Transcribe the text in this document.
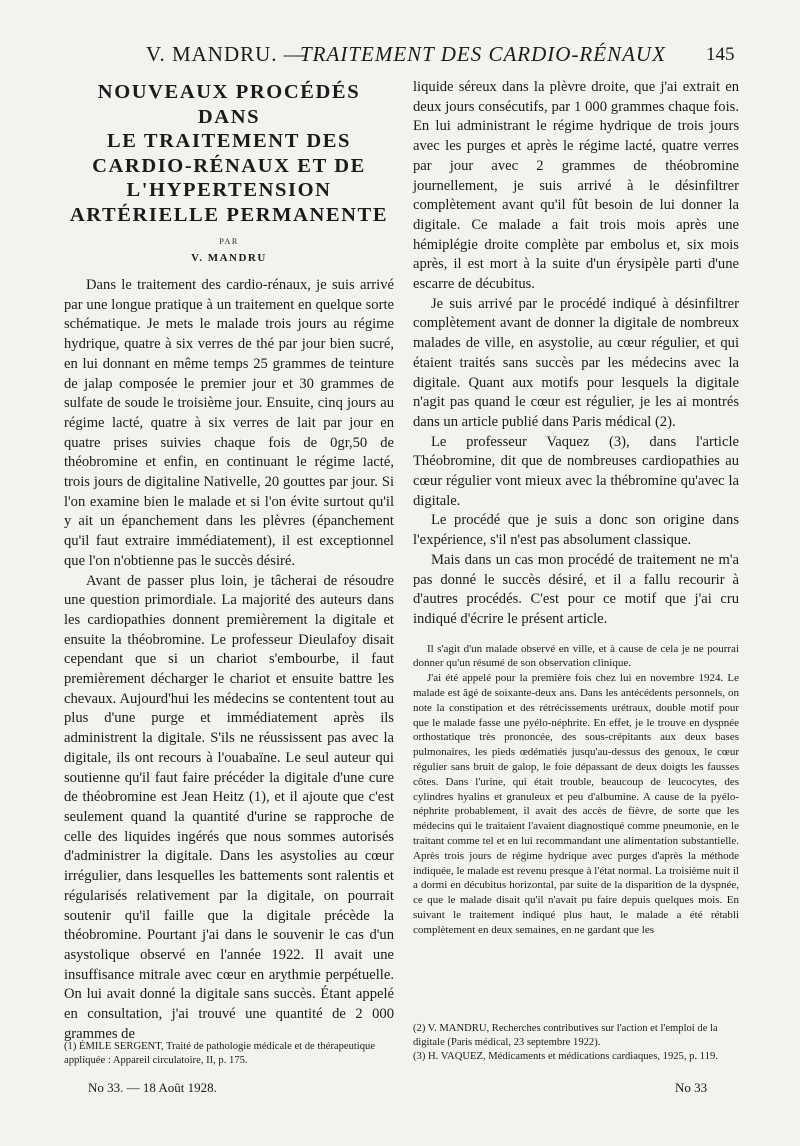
V. MANDRU. —
TRAITEMENT DES CARDIO-RÉNAUX 145
NOUVEAUX PROCÉDÉS DANS
LE TRAITEMENT DES
CARDIO-RÉNAUX ET DE
L'HYPERTENSION
ARTÉRIELLE PERMANENTE
PAR
V. MANDRU

Dans le traitement des cardio-rénaux, je suis arrivé par une longue pratique à un traitement en quelque sorte schématique. Je mets le malade trois jours au régime hydrique, quatre à six verres de thé par jour bien sucré, en lui donnant en même temps 25 grammes de teinture de jalap composée le premier jour et 30 grammes de sulfate de soude le troisième jour. Ensuite, cinq jours au régime lacté, quatre à six verres de lait par jour en quatre prises suivies chaque fois de 0gr,50 de théobromine et enfin, en continuant le régime lacté, trois jours de digitaline Nativelle, 20 gouttes par jour. Si l'on examine bien le malade et si l'on évite surtout qu'il y ait un épanchement dans les plèvres (épanchement qu'il faut extraire immédiatement), il est exceptionnel que l'on n'obtienne pas le succès désiré.

Avant de passer plus loin, je tâcherai de résoudre une question primordiale. La majorité des auteurs dans les cardiopathies donnent premièrement la digitale et ensuite la théobromine. Le professeur Dieulafoy disait cependant que si un chariot s'embourbe, il faut premièrement décharger le chariot et ensuite battre les chevaux. Aujourd'hui les médecins se contentent tout au plus d'une purge et immédiatement après ils administrent la digitale. S'ils ne réussissent pas avec la digitale, ils ont recours à l'ouabaïne. Le seul auteur qui soutienne qu'il faut faire précéder la digitale d'une cure de théobromine est Jean Heitz (1), et il ajoute que c'est seulement quand la quantité d'urine se rapproche de celle des liquides ingérés que nous sommes autorisés d'administrer la digitale. Dans les asystolies au cœur irrégulier, dans lesquelles les battements sont ralentis et régularisés relativement par la digitale, on pourrait soutenir qu'il faille que la digitale précède la théobromine. Pourtant j'ai dans le souvenir le cas d'un asystolique observé en l'année 1922. Il avait une insuffisance mitrale avec cœur en arythmie perpétuelle. On lui avait donné la digitale sans succès. Étant appelé en consultation, j'ai trouvé une quantité de 2 000 grammes de

liquide séreux dans la plèvre droite, que j'ai extrait en deux jours consécutifs, par 1 000 grammes chaque fois. En lui administrant le régime hydrique de trois jours avec les purges et après le régime lacté, quatre verres par jour avec 2 grammes de théobromine journellement, je suis arrivé à le désinfiltrer complètement avant qu'il fût besoin de lui donner la digitale. Ce malade a fait trois mois après une hémiplégie droite complète par embolus et, six mois après, il est mort à la suite d'un érysipèle parti d'une escarre de décubitus.

Je suis arrivé par le procédé indiqué à désinfiltrer complètement avant de donner la digitale de nombreux malades de ville, en asystolie, au cœur régulier, et qui étaient traités sans succès par les médecins avec la digitale. Quant aux motifs pour lesquels la digitale n'agit pas quand le cœur est régulier, je les ai montrés dans un article publié dans Paris médical (2).

Le professeur Vaquez (3), dans l'article Théobromine, dit que de nombreuses cardiopathies au cœur régulier vont mieux avec la thébromine qu'avec la digitale.

Le procédé que je suis a donc son origine dans l'expérience, s'il n'est pas absolument classique.

Mais dans un cas mon procédé de traitement ne m'a pas donné le succès désiré, et il a fallu recourir à d'autres procédés. C'est pour ce motif que j'ai cru indiqué d'écrire le présent article.

Il s'agit d'un malade observé en ville, et à cause de cela je ne pourrai donner qu'un résumé de son observation clinique.

J'ai été appelé pour la première fois chez lui en novembre 1924. Le malade est âgé de soixante-deux ans. Dans les antécédents personnels, on note la constipation et des rétrécissements urétraux, double motif pour que le malade fasse une pyélo-néphrite. En effet, je le trouve en dyspnée orthostatique très prononcée, des sous-crépitants aux deux bases pulmonaires, les pieds œdématiés jusqu'au-dessus des genoux, le cœur régulier sans bruit de galop, le foie dépassant de deux doigts les fausses côtes. Dans l'urine, qui était trouble, beaucoup de leucocytes, des cylindres hyalins et granuleux et peu d'albumine. A cause de la pyélo-néphrite probablement, il avait des accès de fièvre, de sorte que les médecins qui le traitaient l'avaient diagnostiqué comme pneumonie, en le traitant comme tel et en lui recommandant une alimentation substantielle. Après trois jours de régime hydrique avec purges d'après la méthode indiquée, le malade est revenu presque à l'état normal. La troisième nuit il a dormi en décubitus horizontal, par suite de la disparition de la dyspnée, ce que le malade disait qu'il n'avait pu faire depuis quelques mois. En suivant le traitement indiqué plus haut, le malade a été rétabli complètement en deux semaines, en ne gardant que les

(1) ÉMILE SERGENT, Traité de pathologie médicale et de thérapeutique appliquée : Appareil circulatoire, II, p. 175.

(2) V. MANDRU, Recherches contributives sur l'action et l'emploi de la digitale (Paris médical, 23 septembre 1922).

(3) H. VAQUEZ, Médicaments et médications cardiaques, 1925, p. 119.

No 33. — 18 Août 1928.	No 33
